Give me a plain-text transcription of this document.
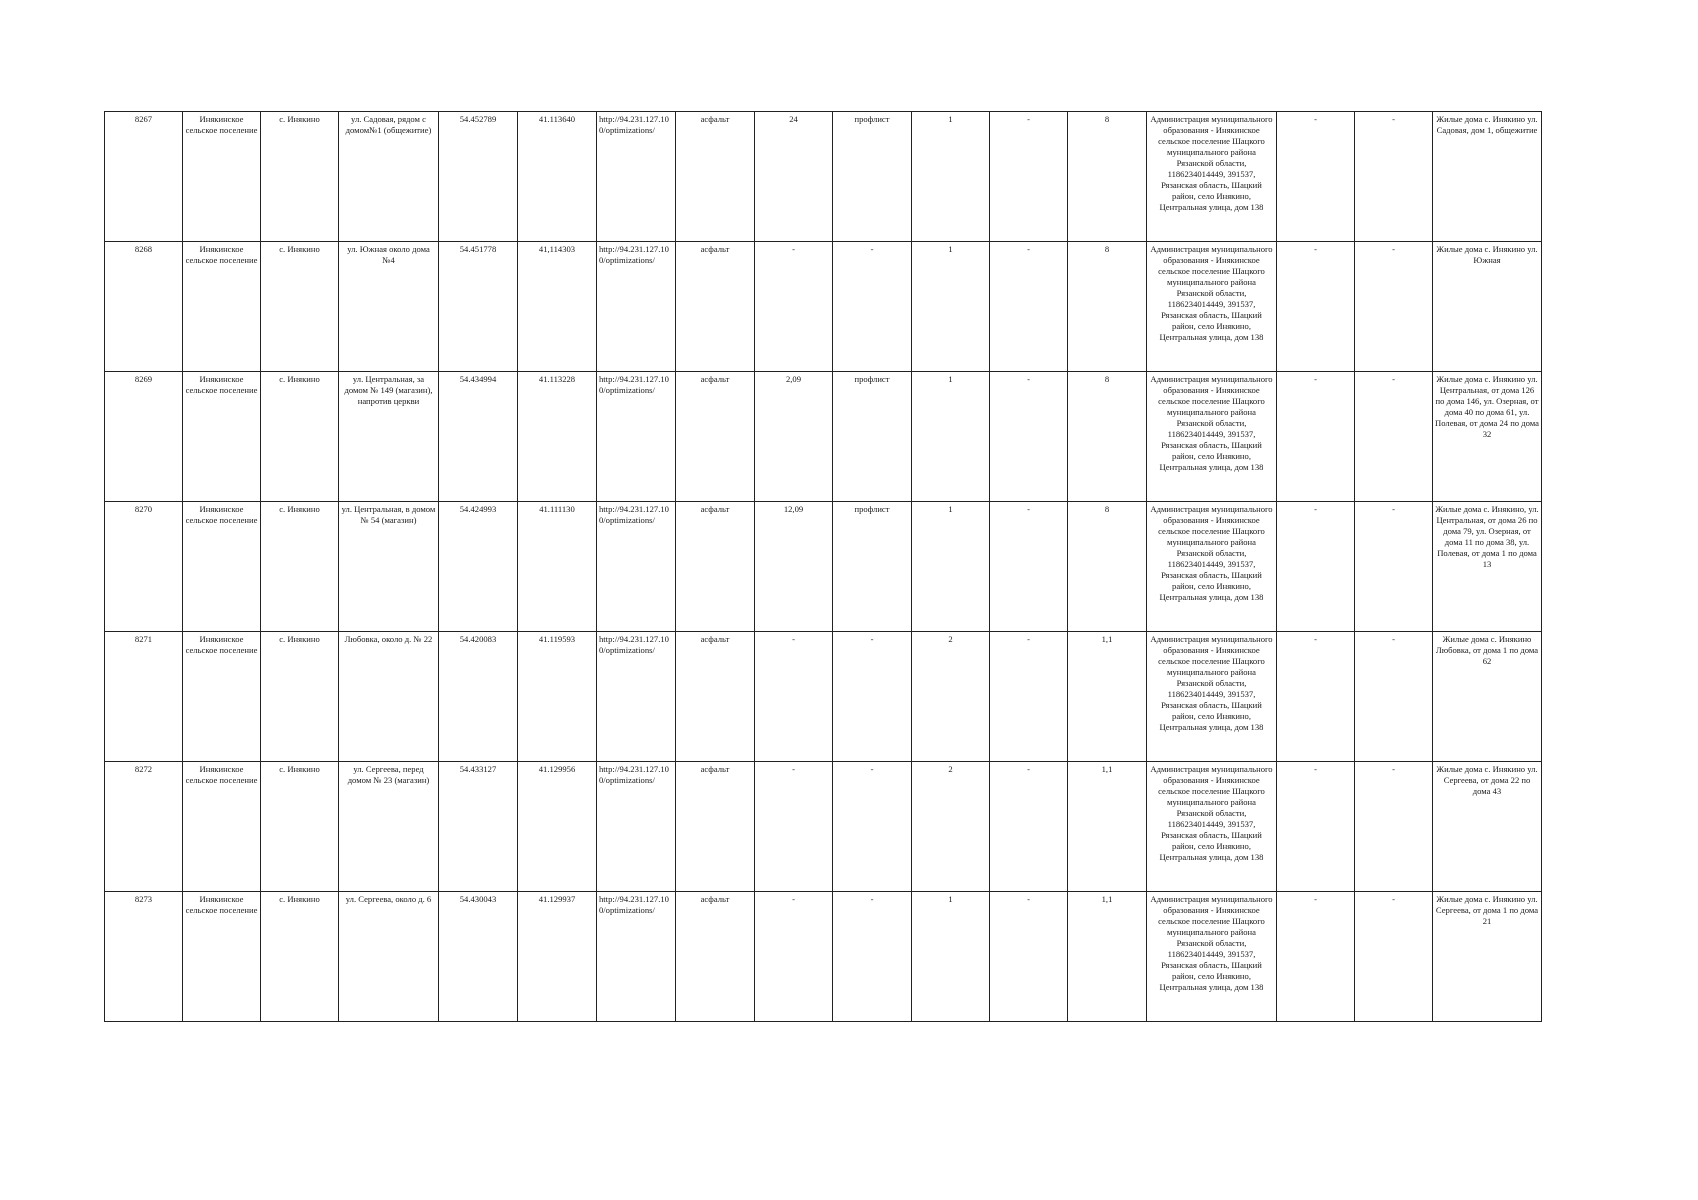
8267	Инякинское сельское поселение	с. Инякино	ул. Садовая, рядом с домом№1 (общежитие)	54.452789	41.113640	http://94.231.127.100/optimizations/	асфальт	24	профлист	1	-	8	Администрация муниципального образования - Инякинское сельское поселение Шацкого муниципального района Рязанской области, 1186234014449, 391537, Рязанская область, Шацкий район, село Инякино, Центральная улица, дом 138	-	-	Жилые дома с. Инякино ул. Садовая, дом 1, общежитие
8268	Инякинское сельское поселение	с. Инякино	ул. Южная около дома №4	54.451778	41,114303	http://94.231.127.100/optimizations/	асфальт	-	-	1	-	8	Администрация муниципального образования - Инякинское сельское поселение Шацкого муниципального района Рязанской области, 1186234014449, 391537, Рязанская область, Шацкий район, село Инякино, Центральная улица, дом 138	-	-	Жилые дома с. Инякино ул. Южная
8269	Инякинское сельское поселение	с. Инякино	ул. Центральная, за домом № 149 (магазин), напротив церкви	54.434994	41.113228	http://94.231.127.100/optimizations/	асфальт	2,09	профлист	1	-	8	Администрация муниципального образования - Инякинское сельское поселение Шацкого муниципального района Рязанской области, 1186234014449, 391537, Рязанская область, Шацкий район, село Инякино, Центральная улица, дом 138	-	-	Жилые дома с. Инякино ул. Центральная, от дома 126 по дома 146, ул. Озерная, от дома 40 по дома 61, ул. Полевая, от дома 24 по дома 32
8270	Инякинское сельское поселение	с. Инякино	ул. Центральная, в домом № 54 (магазин)	54.424993	41.111130	http://94.231.127.100/optimizations/	асфальт	12,09	профлист	1	-	8	Администрация муниципального образования - Инякинское сельское поселение Шацкого муниципального района Рязанской области, 1186234014449, 391537, Рязанская область, Шацкий район, село Инякино, Центральная улица, дом 138	-	-	Жилые дома с. Инякино, ул. Центральная, от дома 26 по дома 79, ул. Озерная, от дома 11 по дома 38, ул. Полевая, от дома 1 по дома 13
8271	Инякинское сельское поселение	с. Инякино	Любовка, около д. № 22	54.420083	41.119593	http://94.231.127.100/optimizations/	асфальт	-	-	2	-	1,1	Администрация муниципального образования - Инякинское сельское поселение Шацкого муниципального района Рязанской области, 1186234014449, 391537, Рязанская область, Шацкий район, село Инякино, Центральная улица, дом 138	-	-	Жилые дома с. Инякино Любовка, от дома 1 по дома 62
8272	Инякинское сельское поселение	с. Инякино	ул. Сергеева, перед домом № 23 (магазин)	54.433127	41.129956	http://94.231.127.100/optimizations/	асфальт	-	-	2	-	1,1	Администрация муниципального образования - Инякинское сельское поселение Шацкого муниципального района Рязанской области, 1186234014449, 391537, Рязанская область, Шацкий район, село Инякино, Центральная улица, дом 138	-	-	Жилые дома с. Инякино ул. Сергеева, от дома 22 по дома 43
8273	Инякинское сельское поселение	с. Инякино	ул. Сергеева, около д. 6	54.430043	41.129937	http://94.231.127.100/optimizations/	асфальт	-	-	1	-	1,1	Администрация муниципального образования - Инякинское сельское поселение Шацкого муниципального района Рязанской области, 1186234014449, 391537, Рязанская область, Шацкий район, село Инякино, Центральная улица, дом 138	-	-	Жилые дома с. Инякино ул. Сергеева, от дома 1 по дома 21
